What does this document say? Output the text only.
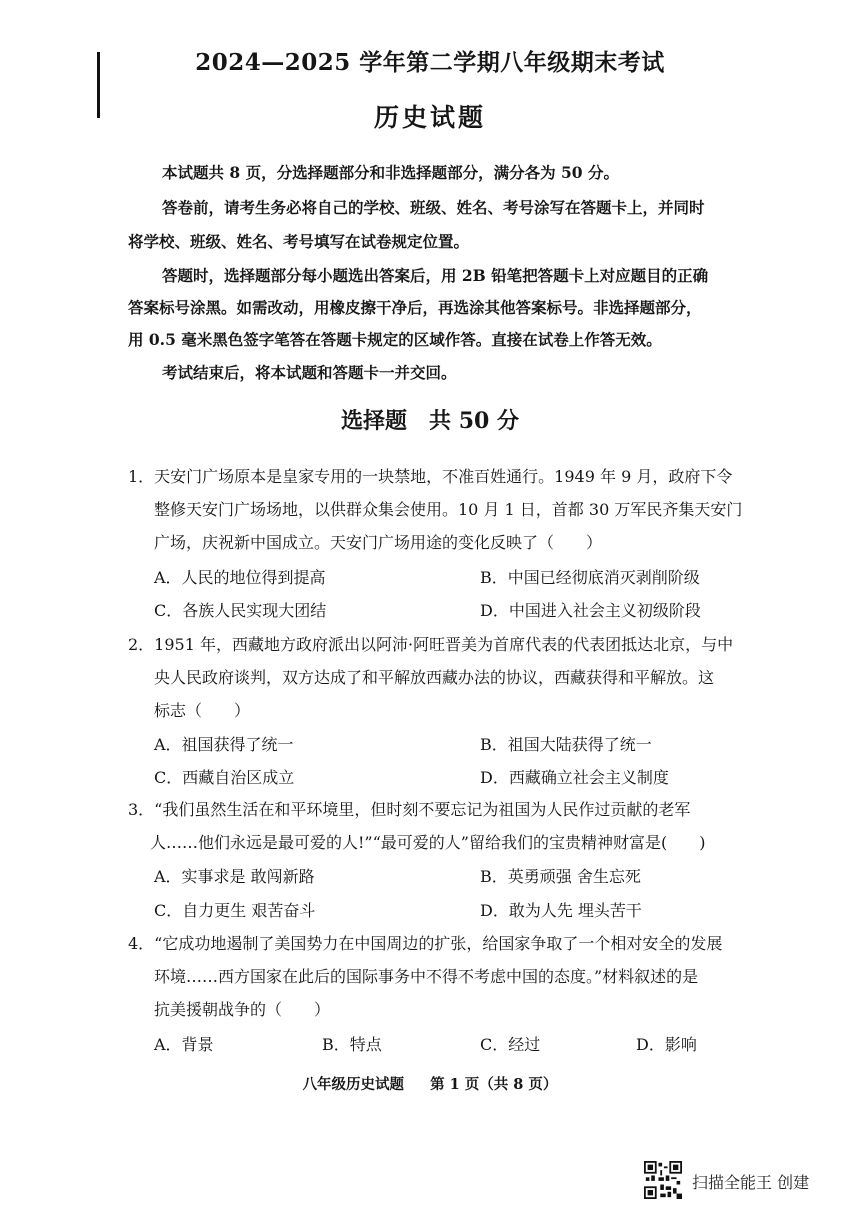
2024—2025 学年第二学期八年级期末考试
历史试题
本试题共 8 页，分选择题部分和非选择题部分，满分各为 50 分。
答卷前，请考生务必将自己的学校、班级、姓名、考号涂写在答题卡上，并同时
将学校、班级、姓名、考号填写在试卷规定位置。
答题时，选择题部分每小题选出答案后，用 2B 铅笔把答题卡上对应题目的正确
答案标号涂黑。如需改动，用橡皮擦干净后，再选涂其他答案标号。非选择题部分，
用 0.5 毫米黑色签字笔答在答题卡规定的区域作答。直接在试卷上作答无效。
考试结束后，将本试题和答题卡一并交回。
选择题　共 50 分
1．天安门广场原本是皇家专用的一块禁地，不准百姓通行。1949 年 9 月，政府下令
整修天安门广场场地，以供群众集会使用。10 月 1 日，首都 30 万军民齐集天安门
广场，庆祝新中国成立。天安门广场用途的变化反映了（　　）
A．人民的地位得到提高	B．中国已经彻底消灭剥削阶级
C．各族人民实现大团结	D．中国进入社会主义初级阶段
2．1951 年，西藏地方政府派出以阿沛·阿旺晋美为首席代表的代表团抵达北京，与中
央人民政府谈判，双方达成了和平解放西藏办法的协议，西藏获得和平解放。这
标志（　　）
A．祖国获得了统一	B．祖国大陆获得了统一
C．西藏自治区成立	D．西藏确立社会主义制度
3．“我们虽然生活在和平环境里，但时刻不要忘记为祖国为人民作过贡献的老军
人……他们永远是最可爱的人!”“最可爱的人”留给我们的宝贵精神财富是(　　)
A．实事求是 敢闯新路	B．英勇顽强 舍生忘死
C．自力更生 艰苦奋斗	D．敢为人先 埋头苦干
4．“它成功地遏制了美国势力在中国周边的扩张，给国家争取了一个相对安全的发展
环境……西方国家在此后的国际事务中不得不考虑中国的态度。”材料叙述的是
抗美援朝战争的（　　）
A．背景	B．特点	C．经过	D．影响
八年级历史试题 第 1 页（共 8 页）
扫描全能王 创建
